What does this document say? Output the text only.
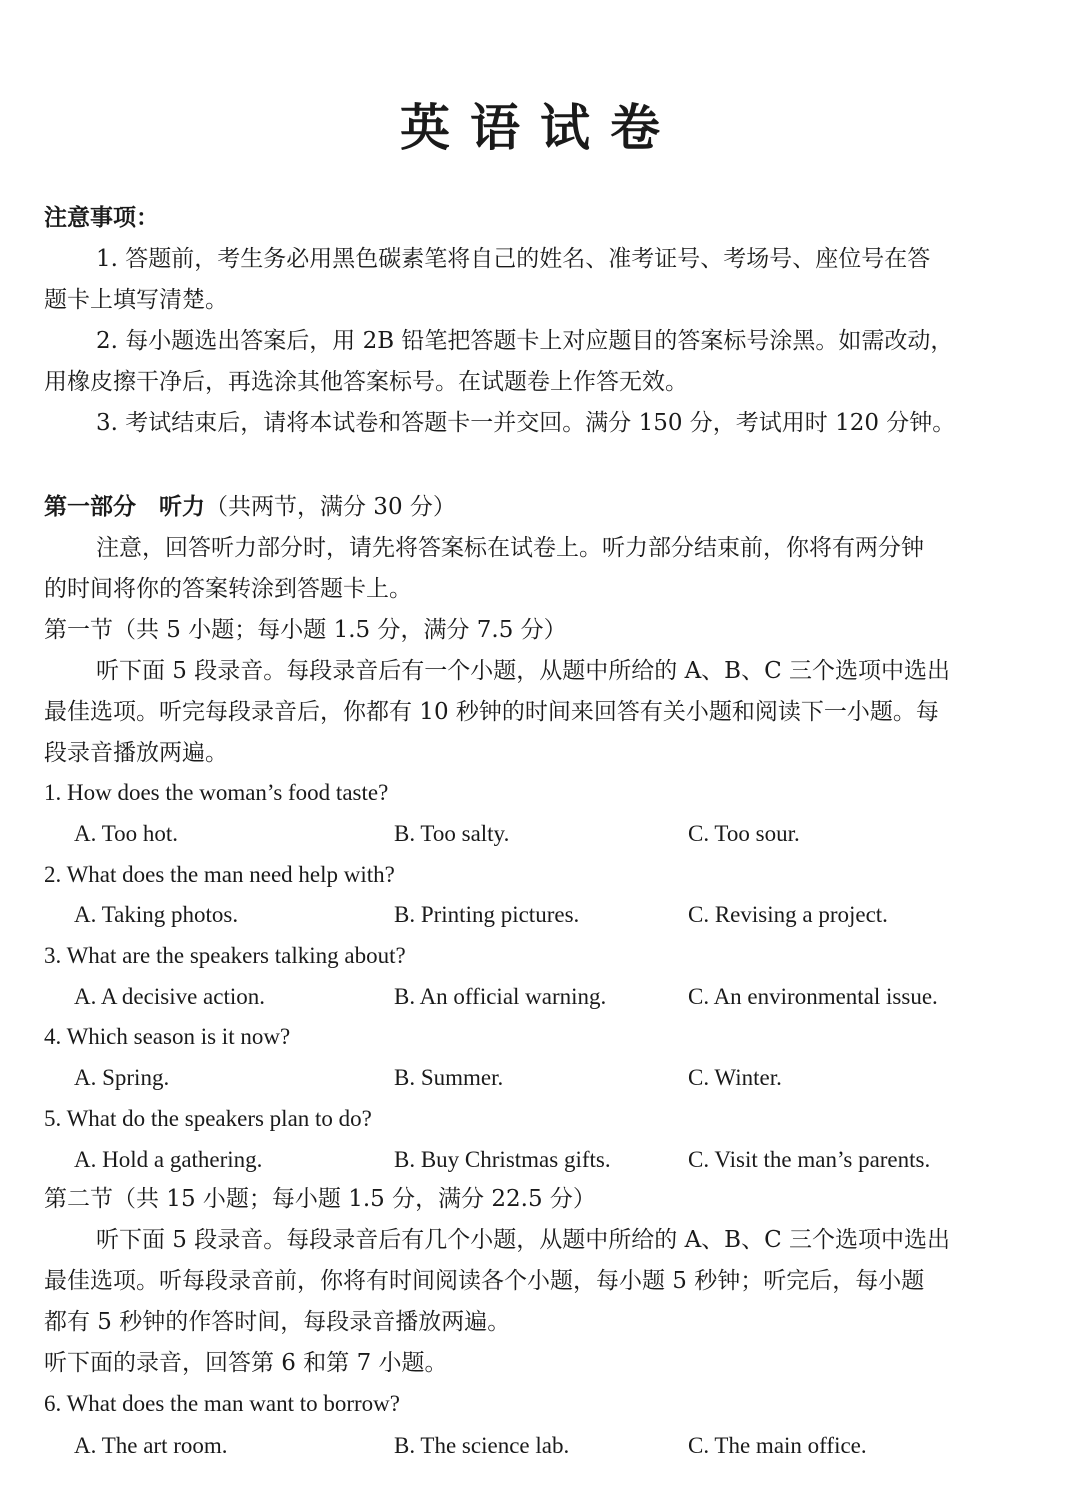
英语试卷
注意事项：
1. 答题前，考生务必用黑色碳素笔将自己的姓名、准考证号、考场号、座位号在答
题卡上填写清楚。
2. 每小题选出答案后，用 2B 铅笔把答题卡上对应题目的答案标号涂黑。如需改动，
用橡皮擦干净后，再选涂其他答案标号。在试题卷上作答无效。
3. 考试结束后，请将本试卷和答题卡一并交回。满分 150 分，考试用时 120 分钟。
第一部分　听力（共两节，满分 30 分）
注意，回答听力部分时，请先将答案标在试卷上。听力部分结束前，你将有两分钟
的时间将你的答案转涂到答题卡上。
第一节（共 5 小题；每小题 1.5 分，满分 7.5 分）
听下面 5 段录音。每段录音后有一个小题，从题中所给的 A、B、C 三个选项中选出
最佳选项。听完每段录音后，你都有 10 秒钟的时间来回答有关小题和阅读下一小题。每
段录音播放两遍。
1. How does the woman’s food taste?
A. Too hot.	B. Too salty.	C. Too sour.
2. What does the man need help with?
A. Taking photos.	B. Printing pictures.	C. Revising a project.
3. What are the speakers talking about?
A. A decisive action.	B. An official warning.	C. An environmental issue.
4. Which season is it now?
A. Spring.	B. Summer.	C. Winter.
5. What do the speakers plan to do?
A. Hold a gathering.	B. Buy Christmas gifts.	C. Visit the man’s parents.
第二节（共 15 小题；每小题 1.5 分，满分 22.5 分）
听下面 5 段录音。每段录音后有几个小题，从题中所给的 A、B、C 三个选项中选出
最佳选项。听每段录音前，你将有时间阅读各个小题，每小题 5 秒钟；听完后，每小题
都有 5 秒钟的作答时间，每段录音播放两遍。
听下面的录音，回答第 6 和第 7 小题。
6. What does the man want to borrow?
A. The art room.	B. The science lab.	C. The main office.
